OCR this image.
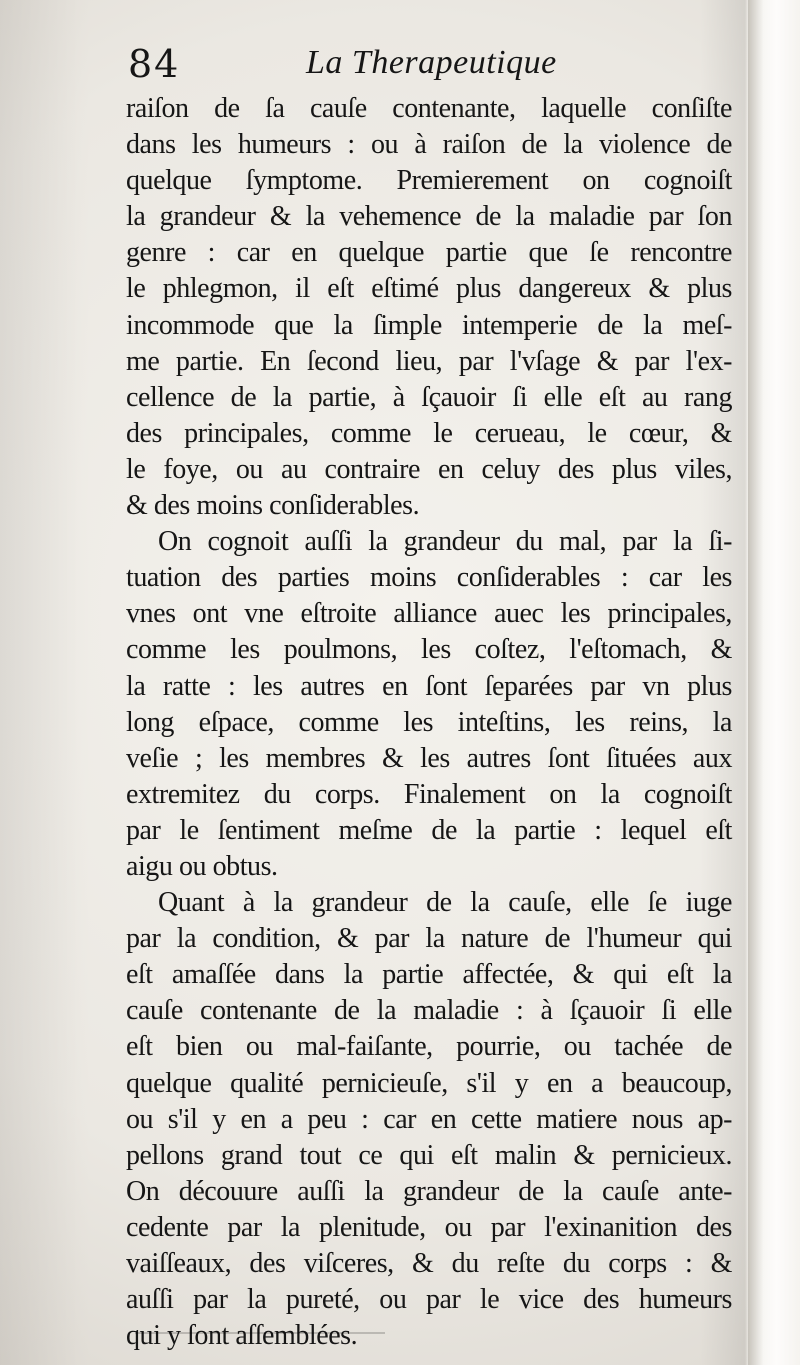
84	La Therapeutique
raiſon de ſa cauſe contenante, laquelle conſiſte
dans les humeurs : ou à raiſon de la violence de
quelque ſymptome. Premierement on cognoiſt
la grandeur & la vehemence de la maladie par ſon
genre : car en quelque partie que ſe rencontre
le phlegmon, il eſt eſtimé plus dangereux & plus
incommode que la ſimple intemperie de la meſ-
me partie. En ſecond lieu, par l'vſage & par l'ex-
cellence de la partie, à ſçauoir ſi elle eſt au rang
des principales, comme le cerueau, le cœur, &
le foye, ou au contraire en celuy des plus viles,
& des moins conſiderables.
On cognoit auſſi la grandeur du mal, par la ſi-
tuation des parties moins conſiderables : car les
vnes ont vne eſtroite alliance auec les principales,
comme les poulmons, les coſtez, l'eſtomach, &
la ratte : les autres en ſont ſeparées par vn plus
long eſpace, comme les inteſtins, les reins, la
veſie ; les membres & les autres ſont ſituées aux
extremitez du corps. Finalement on la cognoiſt
par le ſentiment meſme de la partie : lequel eſt
aigu ou obtus.
Quant à la grandeur de la cauſe, elle ſe iuge
par la condition, & par la nature de l'humeur qui
eſt amaſſée dans la partie affectée, & qui eſt la
cauſe contenante de la maladie : à ſçauoir ſi elle
eſt bien ou mal-faiſante, pourrie, ou tachée de
quelque qualité pernicieuſe, s'il y en a beaucoup,
ou s'il y en a peu : car en cette matiere nous ap-
pellons grand tout ce qui eſt malin & pernicieux.
On découure auſſi la grandeur de la cauſe ante-
cedente par la plenitude, ou par l'exinanition des
vaiſſeaux, des viſceres, & du reſte du corps : &
auſſi par la pureté, ou par le vice des humeurs
qui y ſont aſſemblées.
